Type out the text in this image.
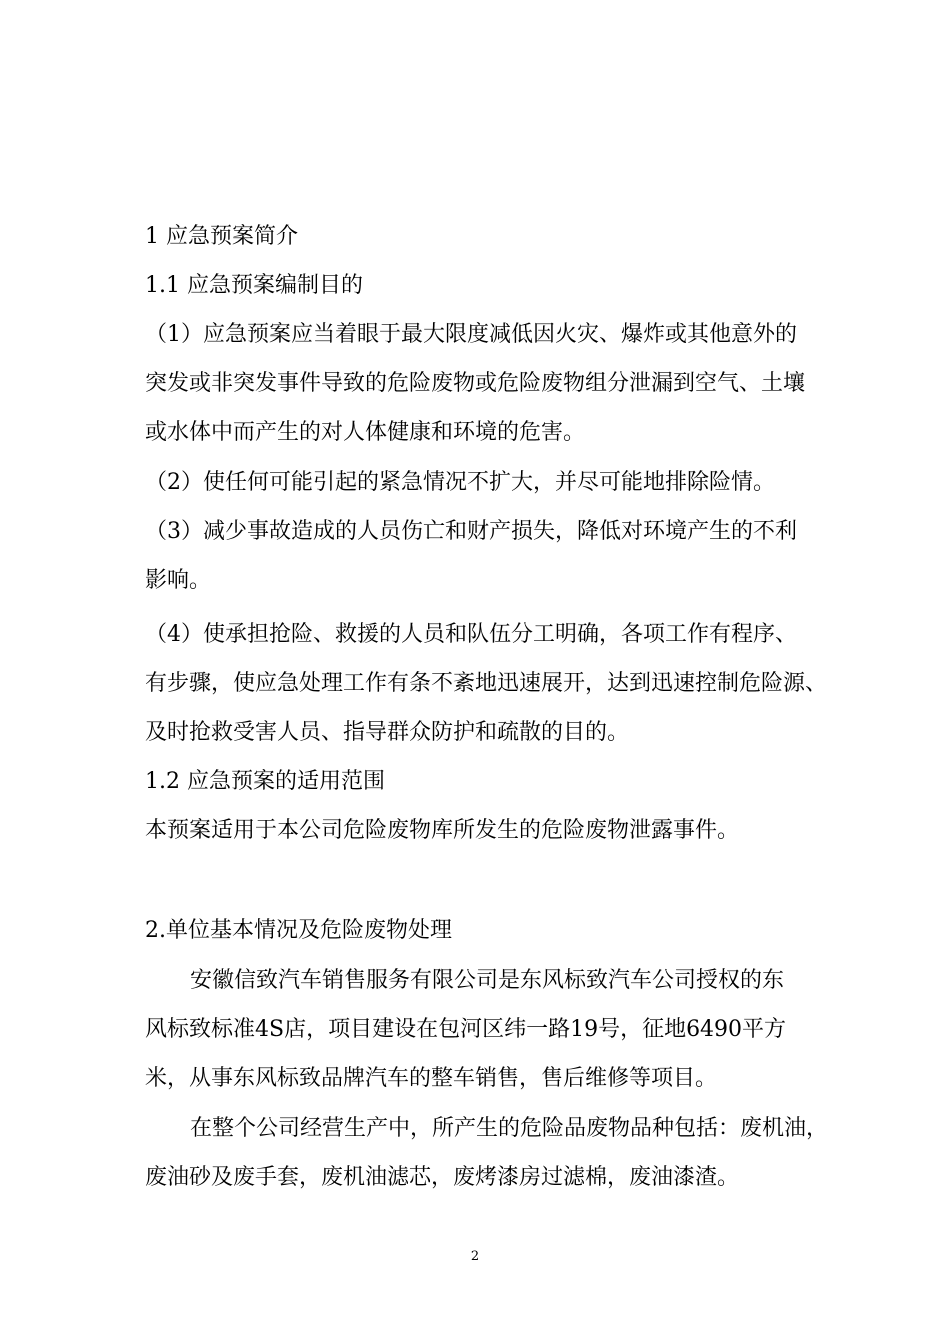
1 应急预案简介

1.1 应急预案编制目的

（1）应急预案应当着眼于最大限度减低因火灾、爆炸或其他意外的

突发或非突发事件导致的危险废物或危险废物组分泄漏到空气、土壤

或水体中而产生的对人体健康和环境的危害。

（2）使任何可能引起的紧急情况不扩大，并尽可能地排除险情。

（3）减少事故造成的人员伤亡和财产损失，降低对环境产生的不利

影响。

（4）使承担抢险、救援的人员和队伍分工明确，各项工作有程序、

有步骤，使应急处理工作有条不紊地迅速展开，达到迅速控制危险源、

及时抢救受害人员、指导群众防护和疏散的目的。

1.2 应急预案的适用范围

本预案适用于本公司危险废物库所发生的危险废物泄露事件。

2.单位基本情况及危险废物处理

安徽信致汽车销售服务有限公司是东风标致汽车公司授权的东

风标致标准4S店，项目建设在包河区纬一路19号，征地6490平方

米，从事东风标致品牌汽车的整车销售，售后维修等项目。

在整个公司经营生产中，所产生的危险品废物品种包括：废机油，

废油砂及废手套，废机油滤芯，废烤漆房过滤棉，废油漆渣。

2
